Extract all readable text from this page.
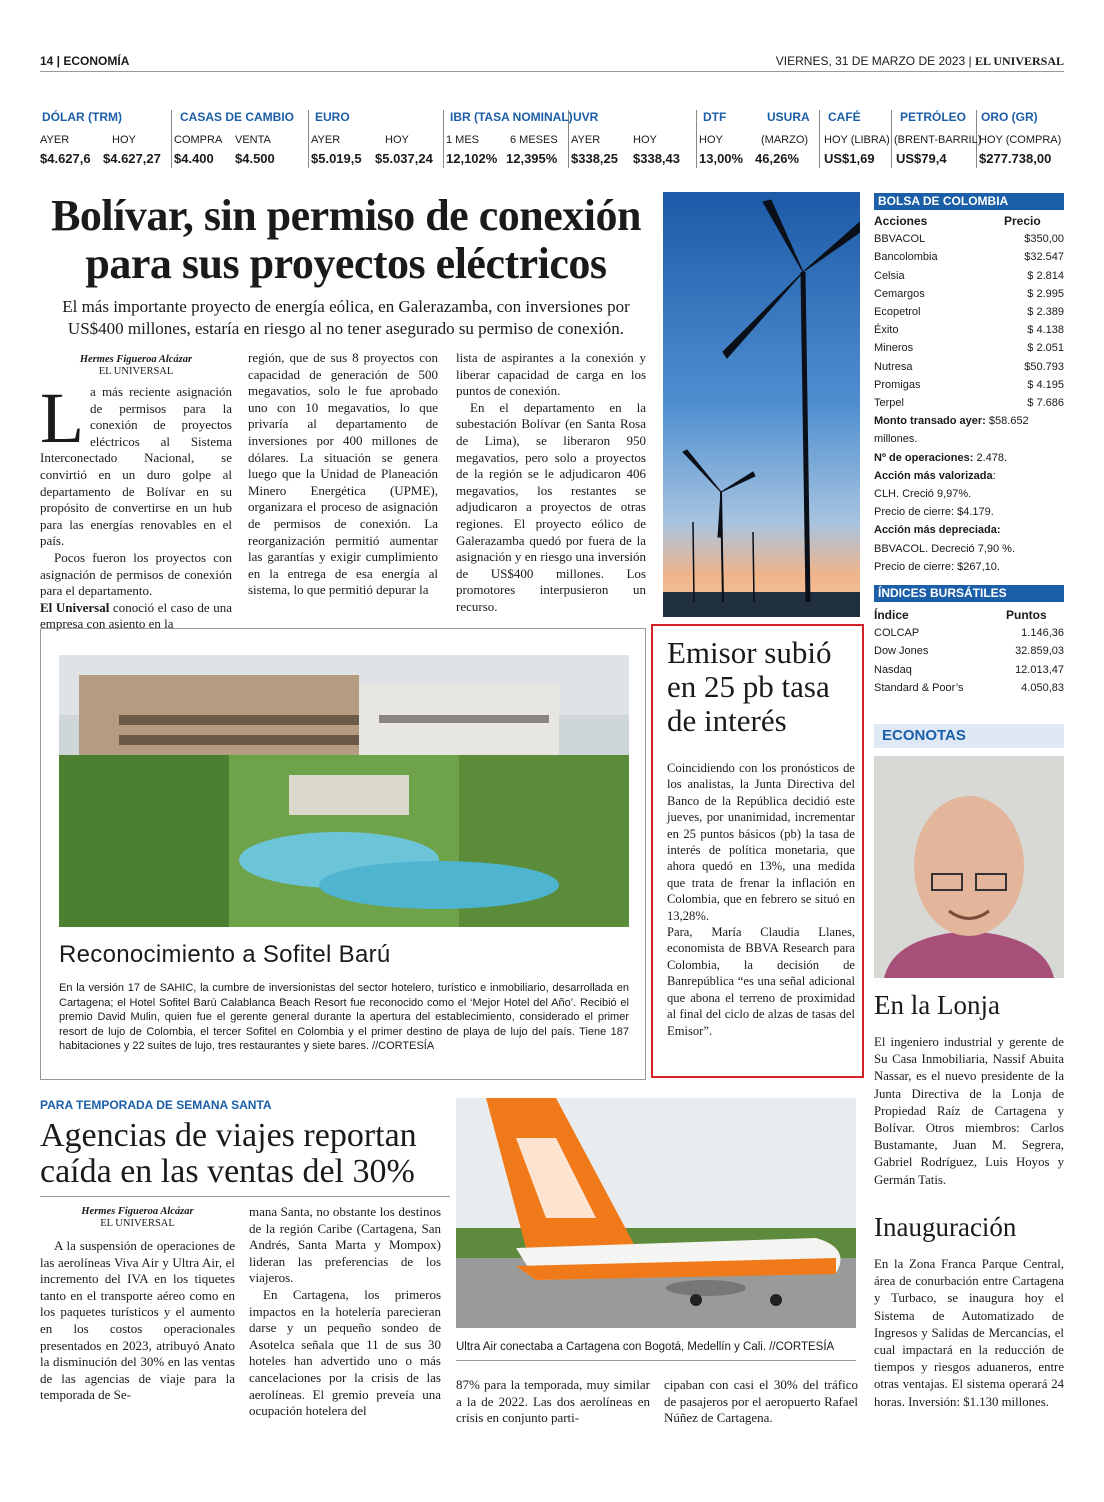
14 | ECONOMÍA	VIERNES, 31 DE MARZO DE 2023 | EL UNIVERSAL
DÓLAR (TRM)
AYER	HOY
$4.627,6 $4.627,27
CASAS DE CAMBIO
COMPRA VENTA
$4.400 $4.500
EURO
AYER	HOY
$5.019,5 $5.037,24
IBR (TASA NOMINAL)
1 MES	6 MESES
12,102% 12,395%
UVR
AYER	HOY
$338,25 $338,43
DTF	USURA
HOY	(MARZO)
13,00% 46,26%
CAFÉ
HOY (LIBRA)
US$1,69
PETRÓLEO
(BRENT-BARRIL)
US$79,4
ORO (GR)
HOY (COMPRA)
$277.738,00
Bolívar, sin permiso de conexión para sus proyectos eléctricos

El más importante proyecto de energía eólica, en Galerazamba, con inversiones por US$400 millones, estaría en riesgo al no tener asegurado su permiso de conexión.

Hermes Figueroa Alcázar
EL UNIVERSAL
L a más reciente asignación de permisos para la conexión de proyectos eléctricos al Sistema Interconectado Nacional, se convirtió en un duro golpe al departamento de Bolívar en su propósito de convertirse en un hub para las energías renovables en el país.

Pocos fueron los proyectos con asignación de permisos de conexión para el departamento.

El Universal conoció el caso de una empresa con asiento en la

región, que de sus 8 proyectos con capacidad de generación de 500 megavatios, solo le fue aprobado uno con 10 megavatios, lo que privaría al departamento de inversiones por 400 millones de dólares. La situación se genera luego que la Unidad de Planeación Minero Energética (UPME), organizara el proceso de asignación de permisos de conexión. La reorganización permitió aumentar las garantías y exigir cumplimiento en la entrega de esa energía al sistema, lo que permitió depurar la

lista de aspirantes a la conexión y liberar capacidad de carga en los puntos de conexión.

En el departamento en la subestación Bolívar (en Santa Rosa de Lima), se liberaron 950 megavatios, pero solo a proyectos de la región se le adjudicaron 406 megavatios, los restantes se adjudicaron a proyectos de otras regiones. El proyecto eólico de Galerazamba quedó por fuera de la asignación y en riesgo una inversión de US$400 millones. Los promotores interpusieron un recurso.

Reconocimiento a Sofitel Barú

En la versión 17 de SAHIC, la cumbre de inversionistas del sector hotelero, turístico e inmobiliario, desarrollada en Cartagena; el Hotel Sofitel Barú Calablanca Beach Resort fue reconocido como el ‘Mejor Hotel del Año’. Recibió el premio David Mulin, quien fue el gerente general durante la apertura del establecimiento, considerado el primer resort de lujo de Colombia, el tercer Sofitel en Colombia y el primer destino de playa de lujo del país. Tiene 187 habitaciones y 22 suites de lujo, tres restaurantes y siete bares. //CORTESÍA

Emisor subió en 25 pb tasa de interés

Coincidiendo con los pronósticos de los analistas, la Junta Directiva del Banco de la República decidió este jueves, por unanimidad, incrementar en 25 puntos básicos (pb) la tasa de interés de política monetaria, que ahora quedó en 13%, una medida que trata de frenar la inflación en Colombia, que en febrero se situó en 13,28%.

Para, María Claudia Llanes, economista de BBVA Research para Colombia, la decisión de Banrepública “es una señal adicional que abona el terreno de proximidad al final del ciclo de alzas de tasas del Emisor”.

BOLSA DE COLOMBIA
Acciones	Precio
BBVACOL	$350,00
Bancolombia	$32.547
Celsia	$ 2.814
Cemargos	$ 2.995
Ecopetrol	$ 2.389
Éxito	$ 4.138
Mineros	$ 2.051
Nutresa	$50.793
Promigas	$ 4.195
Terpel	$ 7.686
Monto transado ayer: $58.652 millones.
Nº de operaciones: 2.478.
Acción más valorizada:
CLH. Creció 9,97%.
Precio de cierre: $4.179.
Acción más depreciada:
BBVACOL. Decreció 7,90 %.
Precio de cierre: $267,10.
ÍNDICES BURSÁTILES
Índice	Puntos
COLCAP	1.146,36
Dow Jones	32.859,03
Nasdaq	12.013,47
Standard & Poor’s	4.050,83
ECONOTAS
En la Lonja

El ingeniero industrial y gerente de Su Casa Inmobiliaria, Nassif Abuita Nassar, es el nuevo presidente de la Junta Directiva de la Lonja de Propiedad Raíz de Cartagena y Bolívar. Otros miembros: Carlos Bustamante, Juan M. Segrera, Gabriel Rodríguez, Luis Hoyos y Germán Tatis.

Inauguración

En la Zona Franca Parque Central, área de conurbación entre Cartagena y Turbaco, se inaugura hoy el Sistema de Automatizado de Ingresos y Salidas de Mercancías, el cual impactará en la reducción de tiempos y riesgos aduaneros, entre otras ventajas. El sistema operará 24 horas. Inversión: $1.130 millones.

PARA TEMPORADA DE SEMANA SANTA
Agencias de viajes reportan caída en las ventas del 30%
Hermes Figueroa Alcázar
EL UNIVERSAL

A la suspensión de operaciones de las aerolíneas Viva Air y Ultra Air, el incremento del IVA en los tiquetes tanto en el transporte aéreo como en los paquetes turísticos y el aumento en los costos operacionales presentados en 2023, atribuyó Anato la disminución del 30% en las ventas de las agencias de viaje para la temporada de Se-

mana Santa, no obstante los destinos de la región Caribe (Cartagena, San Andrés, Santa Marta y Mompox) lideran las preferencias de los viajeros.

En Cartagena, los primeros impactos en la hotelería parecieran darse y un pequeño sondeo de Asotelca señala que 11 de sus 30 hoteles han advertido uno o más cancelaciones por la crisis de las aerolíneas. El gremio preveía una ocupación hotelera del

Ultra Air conectaba a Cartagena con Bogotá, Medellín y Cali. //CORTESÍA

87% para la temporada, muy similar a la de 2022. Las dos aerolíneas en crisis en conjunto parti-

cipaban con casi el 30% del tráfico de pasajeros por el aeropuerto Rafael Núñez de Cartagena.
